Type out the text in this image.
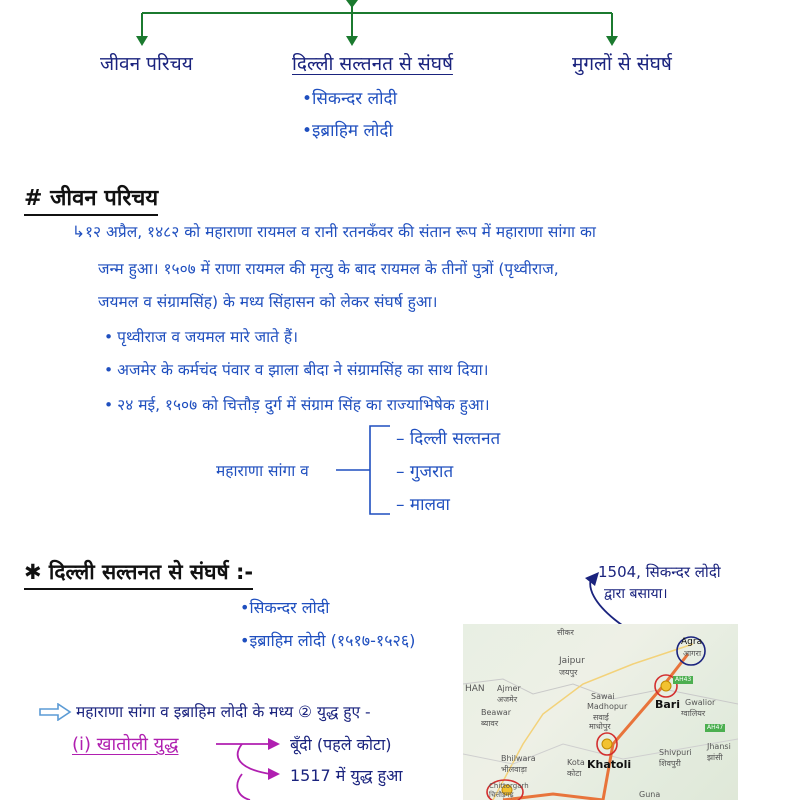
जीवन परिचय	दिल्ली सल्तनत से संघर्ष	मुगलों से संघर्ष
•सिकन्दर लोदी
•इब्राहिम लोदी
# जीवन परिचय
↳१२ अप्रैल, १४८२ को महाराणा रायमल व रानी रतनकँवर की संतान रूप में महाराणा सांगा का
जन्म हुआ। १५०७ में राणा रायमल की मृत्यु के बाद रायमल के तीनों पुत्रों (पृथ्वीराज,
जयमल व संग्रामसिंह) के मध्य सिंहासन को लेकर संघर्ष हुआ।
• पृथ्वीराज व जयमल मारे जाते हैं।
• अजमेर के कर्मचंद पंवार व झाला बीदा ने संग्रामसिंह का साथ दिया।
• २४ मई, १५०७ को चित्तौड़ दुर्ग में संग्राम सिंह का राज्याभिषेक हुआ।
महाराणा सांगा व
– दिल्ली सल्तनत
– गुजरात
– मालवा
✱ दिल्ली सल्तनत से संघर्ष :-
•सिकन्दर लोदी
•इब्राहिम लोदी (१५१७-१५२६)
1504, सिकन्दर लोदी
द्वारा बसाया।
महाराणा सांगा व इब्राहिम लोदी के मध्य ② युद्ध हुए -
(i) खातोली युद्ध	बूँदी (पहले कोटा)
1517 में युद्ध हुआ
सीकर
Jaipur
जयपुर
HAN Ajmer
अजमेर
Beawar
ब्यावर
Sawai
Madhopur
सवाई
माधोपुर
Bhilwara
भीलवाड़ा
Kota
कोटा
Gwalior
ग्वालियर
Shivpuri
शिवपुरी
Jhansi
झांसी
Guna
Chittorgarh
चित्तौड़गढ़
AH43
AH47
Agra
आगरा
Bari
Khatoli
